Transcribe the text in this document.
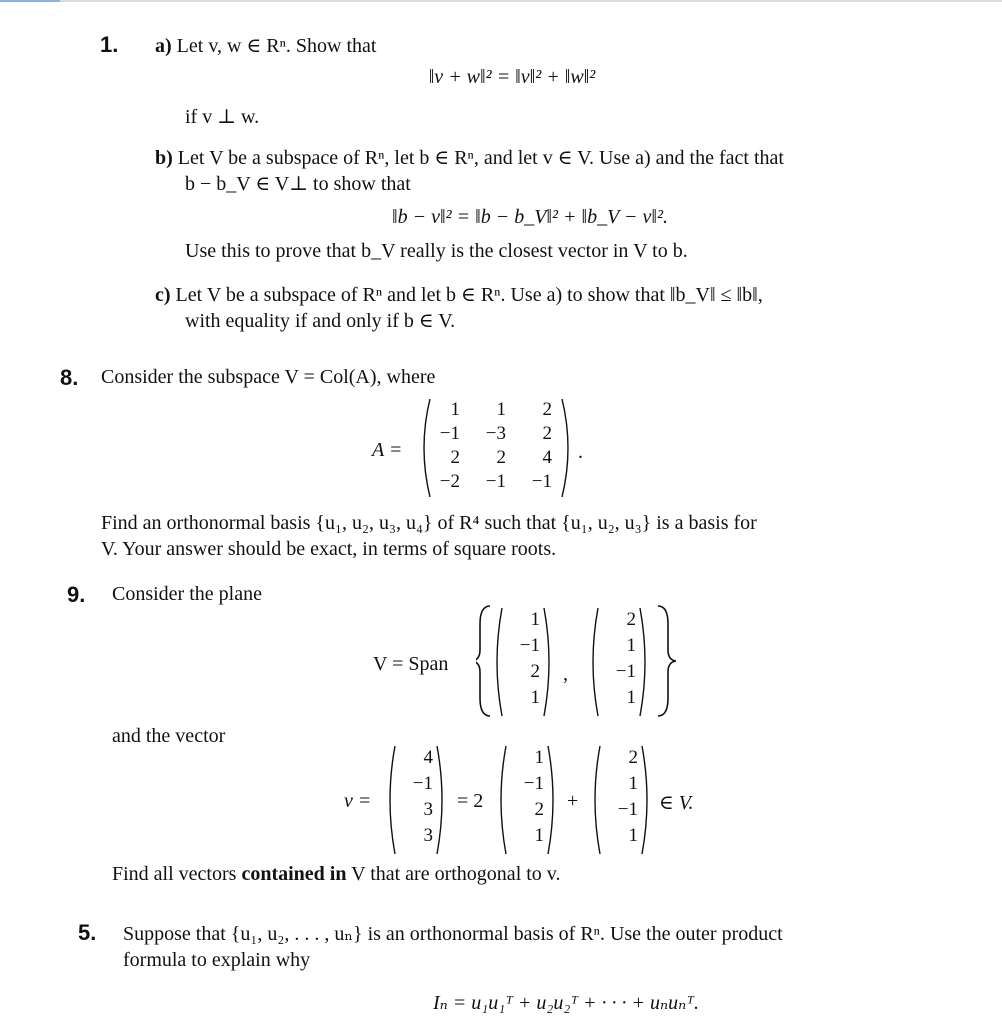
1. a) Let v, w ∈ Rⁿ. Show that
‖v + w‖² = ‖v‖² + ‖w‖²
if v ⊥ w.
b) Let V be a subspace of Rⁿ, let b ∈ Rⁿ, and let v ∈ V. Use a) and the fact that
b − b_V ∈ V⊥ to show that
‖b − v‖² = ‖b − b_V‖² + ‖b_V − v‖².
Use this to prove that b_V really is the closest vector in V to b.
c) Let V be a subspace of Rⁿ and let b ∈ Rⁿ. Use a) to show that ‖b_V‖ ≤ ‖b‖,
with equality if and only if b ∈ V.
8. Consider the subspace V = Col(A), where
A =
1	1	2
−1	−3	2
2	2	4
−2	−1	−1
.
Find an orthonormal basis {u₁, u₂, u₃, u₄} of R⁴ such that {u₁, u₂, u₃} is a basis for
V. Your answer should be exact, in terms of square roots.
9. Consider the plane
V = Span
1
−1
2
1
,
2
1
−1
1
and the vector
v =
4
−1
3
3
= 2
1
−1
2
1
+
2
1
−1
1
∈ V.
Find all vectors contained in V that are orthogonal to v.
5. Suppose that {u₁, u₂, . . . , uₙ} is an orthonormal basis of Rⁿ. Use the outer product
formula to explain why
Iₙ = u₁u₁ᵀ + u₂u₂ᵀ + · · · + uₙuₙᵀ.
